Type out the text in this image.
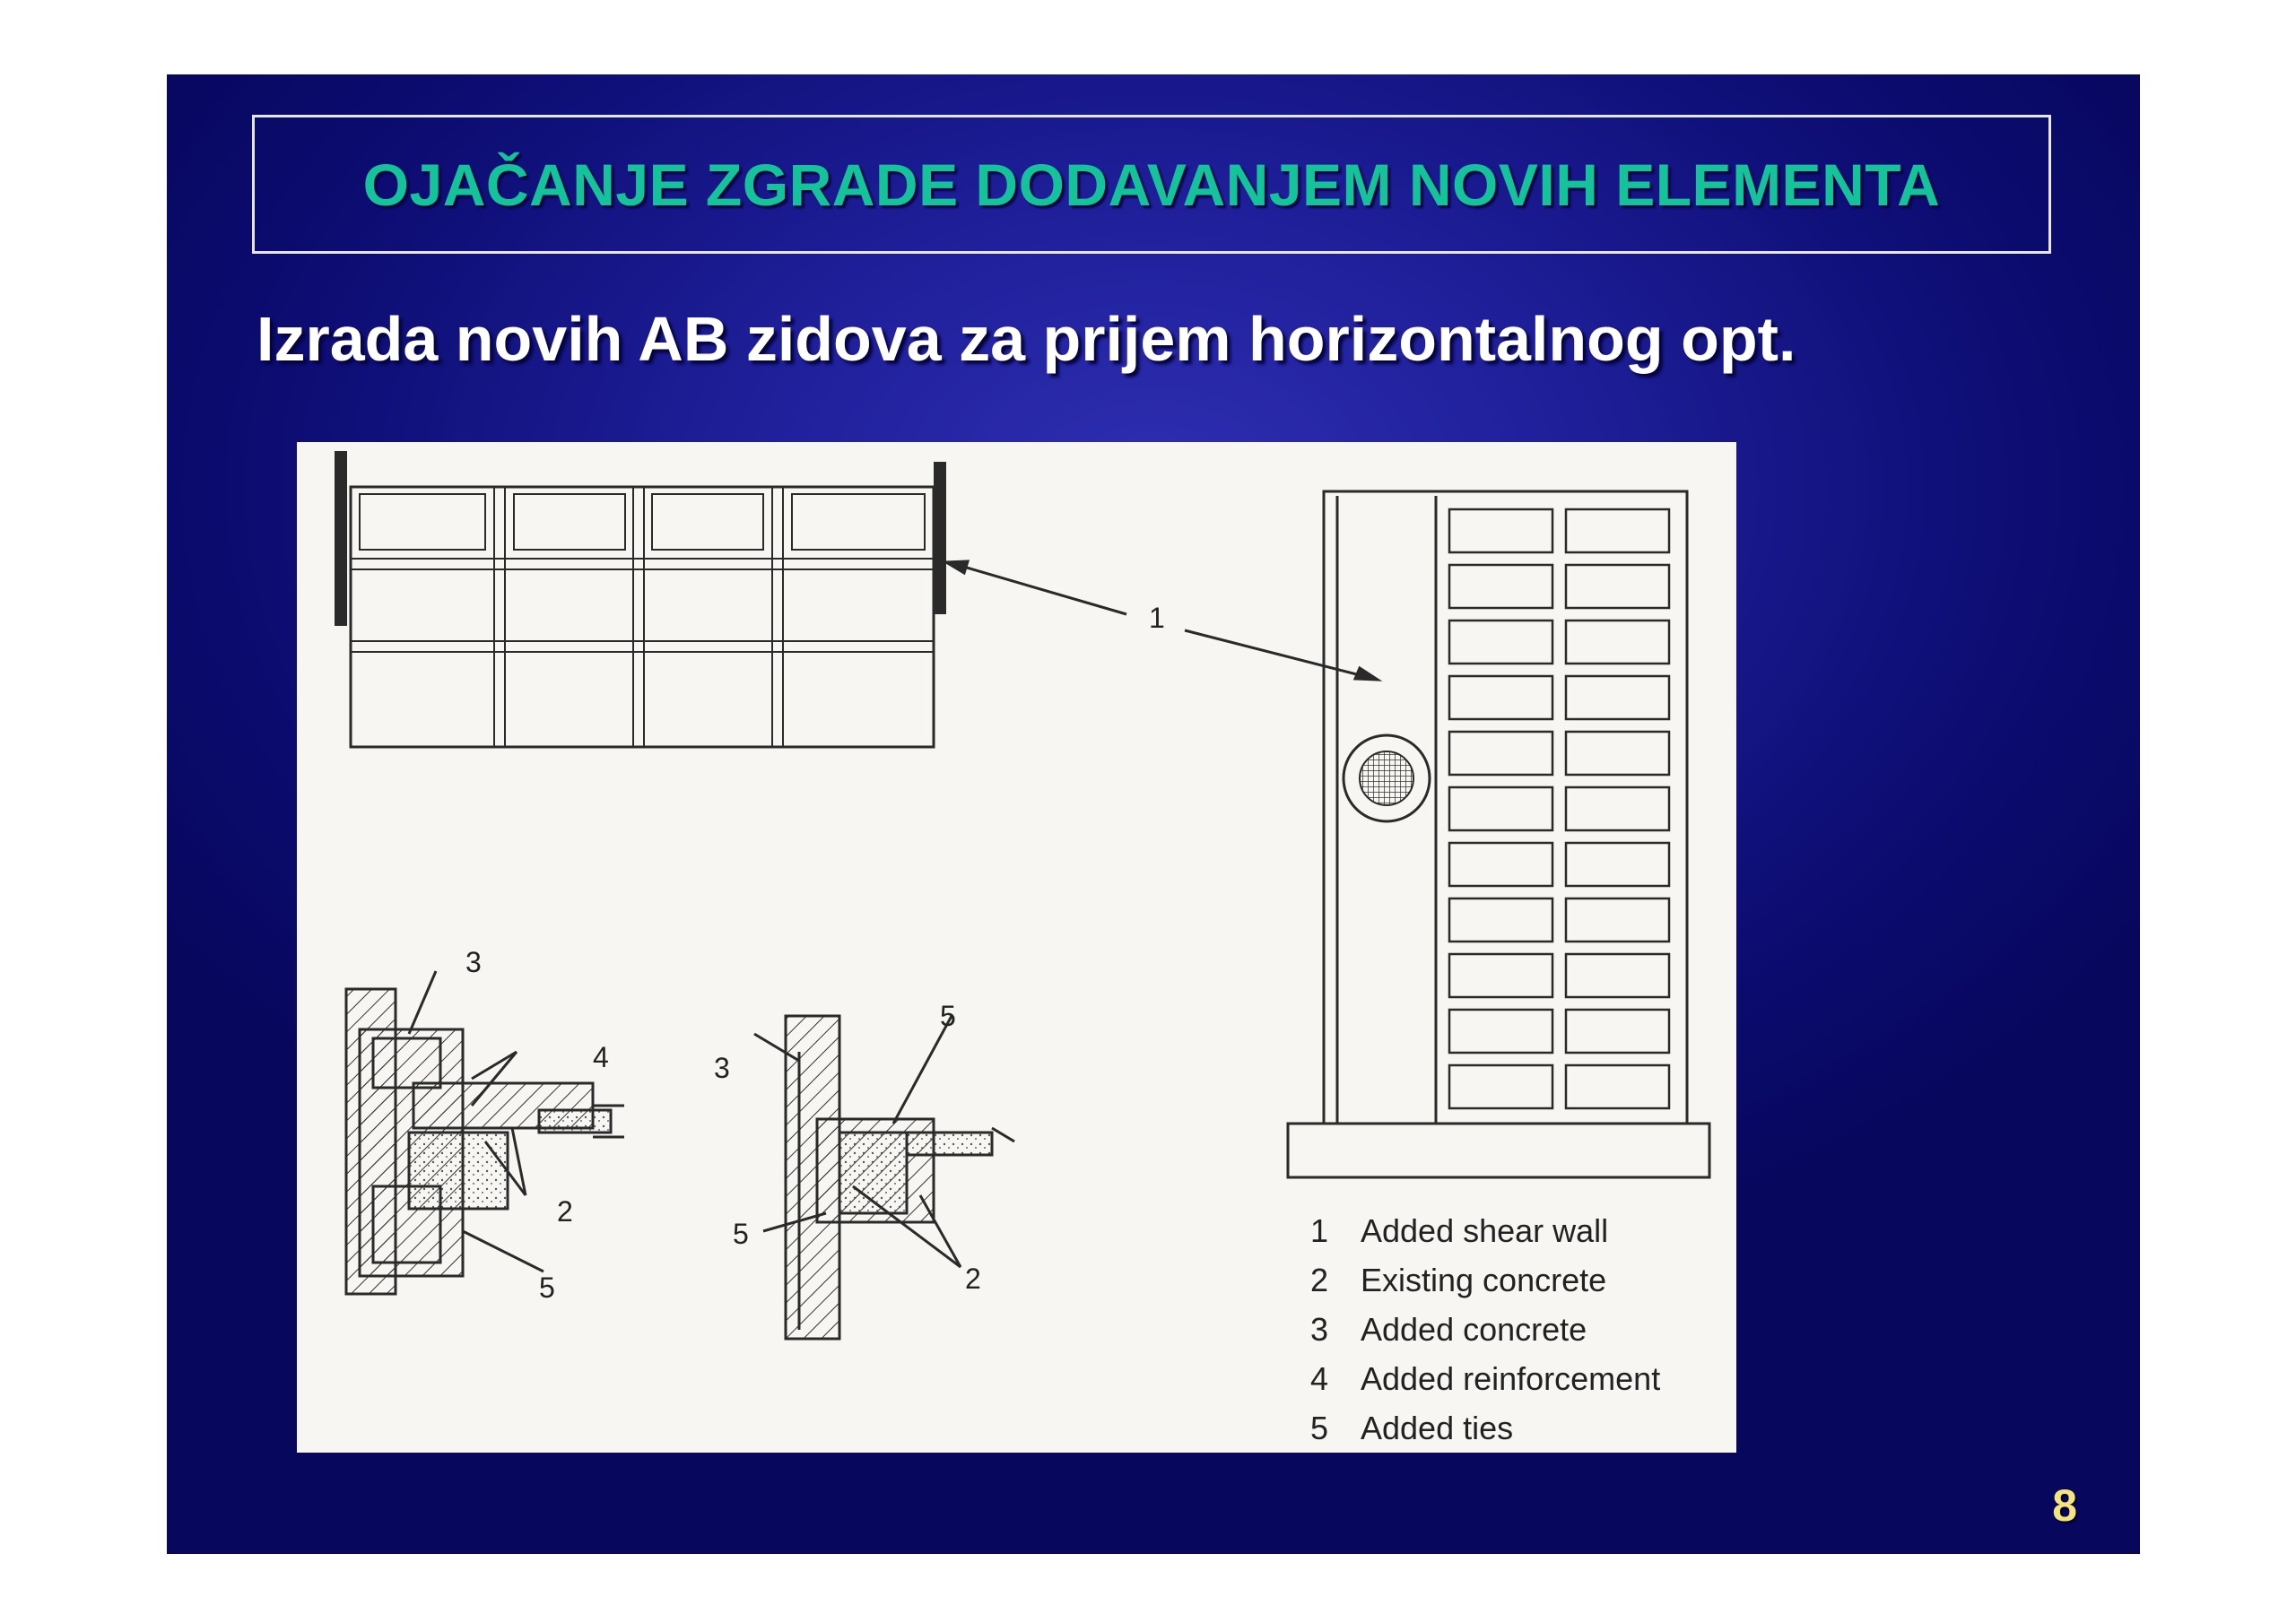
OJAČANJE ZGRADE DODAVANJEM NOVIH ELEMENTA
Izrada novih AB zidova za prijem horizontalnog opt.
1
3
4
2
5
3
5
5
2
1 Added shear wall
2 Existing concrete
3 Added concrete
4 Added reinforcement
5 Added ties
8
